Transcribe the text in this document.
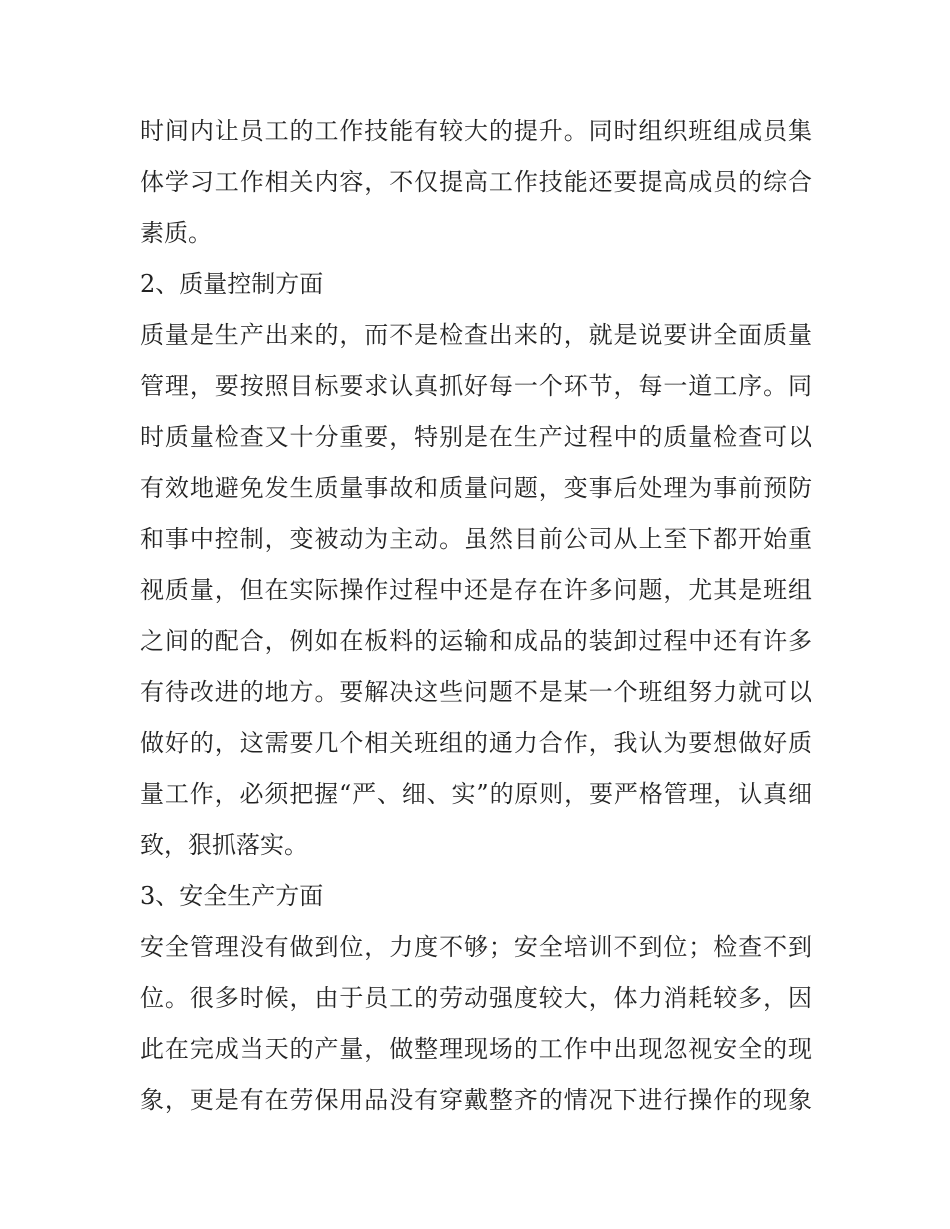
时间内让员工的工作技能有较大的提升。同时组织班组成员集
体学习工作相关内容，不仅提高工作技能还要提高成员的综合
素质。
2、质量控制方面
质量是生产出来的，而不是检查出来的，就是说要讲全面质量
管理，要按照目标要求认真抓好每一个环节，每一道工序。同
时质量检查又十分重要，特别是在生产过程中的质量检查可以
有效地避免发生质量事故和质量问题，变事后处理为事前预防
和事中控制，变被动为主动。虽然目前公司从上至下都开始重
视质量，但在实际操作过程中还是存在许多问题，尤其是班组
之间的配合，例如在板料的运输和成品的装卸过程中还有许多
有待改进的地方。要解决这些问题不是某一个班组努力就可以
做好的，这需要几个相关班组的通力合作，我认为要想做好质
量工作，必须把握“严、细、实”的原则，要严格管理，认真细
致，狠抓落实。
3、安全生产方面
安全管理没有做到位，力度不够；安全培训不到位；检查不到
位。很多时候，由于员工的劳动强度较大，体力消耗较多，因
此在完成当天的产量，做整理现场的工作中出现忽视安全的现
象，更是有在劳保用品没有穿戴整齐的情况下进行操作的现象
